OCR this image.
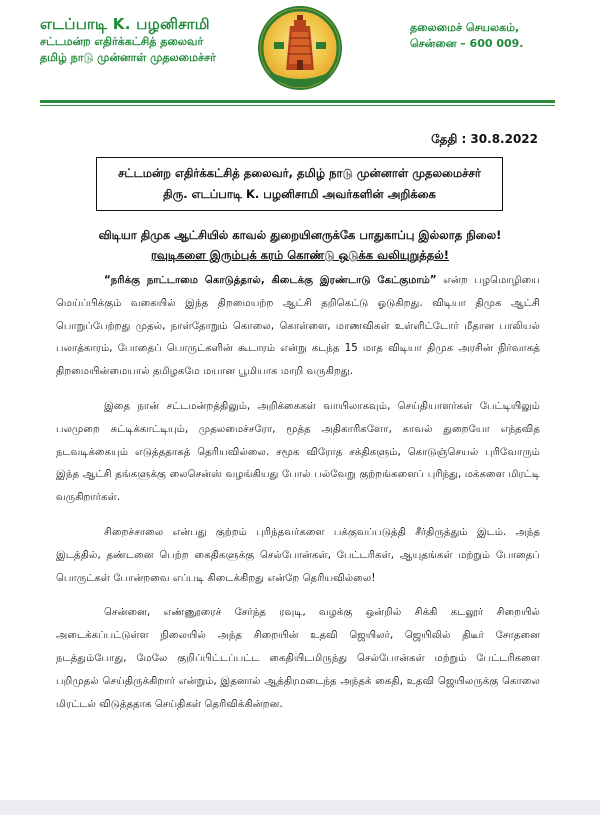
எடப்பாடி K. பழனிசாமி
சட்டமன்ற எதிர்க்கட்சித் தலைவர்
தமிழ் நாடு முன்னாள் முதலமைச்சர்
தலைமைச் செயலகம்,
சென்னை – 600 009.
தேதி : 30.8.2022
சட்டமன்ற எதிர்க்கட்சித் தலைவர், தமிழ் நாடு முன்னாள் முதலமைச்சர்
திரு. எடப்பாடி K. பழனிசாமி அவர்களின் அறிக்கை
விடியா திமுக ஆட்சியில் காவல் துறையினருக்கே பாதுகாப்பு இல்லாத நிலை!
ரவுடிகளை இரும்புக் கரம் கொண்டு ஒடுக்க வலியுறுத்தல்!

“நரிக்கு நாட்டாமை கொடுத்தால், கிடைக்கு இரண்டாடு கேட்குமாம்” என்ற பழமொழியை மெய்ப்பிக்கும் வகையில் இந்த திறமையற்ற ஆட்சி தறிகெட்டு ஓடுகிறது. விடியா திமுக ஆட்சி பொறுப்பேற்றது முதல், நாள்தோறும் கொலை, கொள்ளை, மாணவிகள் உள்ளிட்டோர் மீதான பாலியல் பலாத்காரம், போதைப் பொருட்களின் கூடாரம் என்று கடந்த 15 மாத விடியா திமுக அரசின் நிர்வாகத் திறமையின்மையால் தமிழகமே மயான பூமியாக மாறி வருகிறது.

இதை நான் சட்டமன்றத்திலும், அறிக்கைகள் வாயிலாகவும், செய்தியாளர்கள் பேட்டியிலும் பலமுறை சுட்டிக்காட்டியும், முதலமைச்சரோ, மூத்த அதிகாரிகளோ, காவல் துறையோ எந்தவித நடவடிக்கையும் எடுத்ததாகத் தெரியவில்லை. சமூக விரோத சக்திகளும், கொடுஞ்செயல் புரிவோரும் இந்த ஆட்சி தங்களுக்கு லைசென்ஸ் வழங்கியது போல் பல்வேறு குற்றங்களைப் புரிந்து, மக்களை மிரட்டி வருகிறார்கள்.

சிறைச்சாலை என்பது குற்றம் புரிந்தவர்களை பக்குவப்படுத்தி சீர்திருத்தும் இடம். அந்த இடத்தில், தண்டனை பெற்ற கைதிகளுக்கு செல்போன்கள், பேட்டரிகள், ஆயுதங்கள் மற்றும் போதைப் பொருட்கள் போன்றவை எப்படி கிடைக்கிறது என்றே தெரியவில்லை!

சென்னை, எண்ணூரைச் சேர்ந்த ரவுடி, வழக்கு ஒன்றில் சிக்கி கடலூர் சிறையில் அடைக்கப்பட்டுள்ள நிலையில் அந்த சிறையின் உதவி ஜெயிலர், ஜெயிலில் திடீர் சோதனை நடத்தும்போது, மேலே குறிப்பிட்டப்பட்ட கைதியிடமிருந்து செல்போன்கள் மற்றும் பேட்டரிகளை பறிமுதல் செய்திருக்கிறார் என்றும், இதனால் ஆத்திரமடைந்த அந்தக் கைதி, உதவி ஜெயிலருக்கு கொலை மிரட்டல் விடுத்ததாக செய்திகள் தெரிவிக்கின்றன.
